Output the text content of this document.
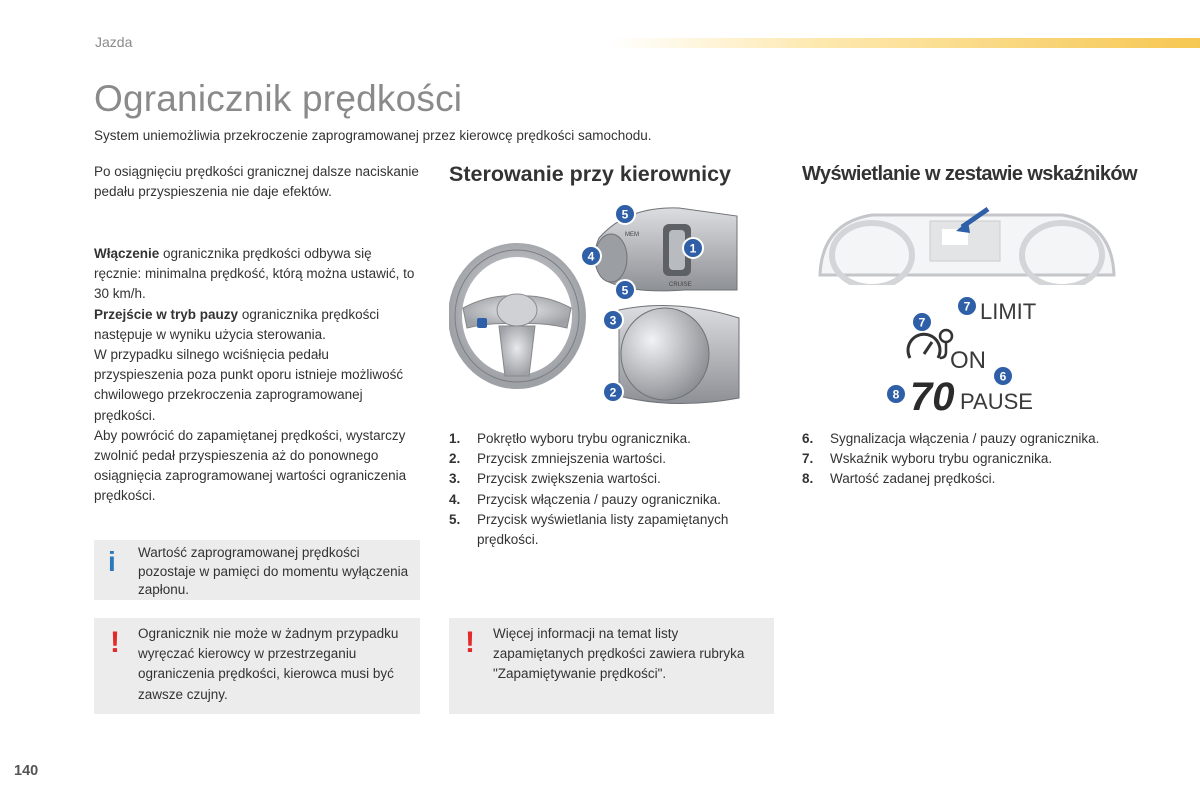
Jazda
Ogranicznik prędkości
System uniemożliwia przekroczenie zaprogramowanej przez kierowcę prędkości samochodu.
Po osiągnięciu prędkości granicznej dalsze naciskanie pedału przyspieszenia nie daje efektów.
Włączenie ogranicznika prędkości odbywa się ręcznie: minimalna prędkość, którą można ustawić, to 30 km/h.
Przejście w tryb pauzy ogranicznika prędkości następuje w wyniku użycia sterowania.
W przypadku silnego wciśnięcia pedału przyspieszenia poza punkt oporu istnieje możliwość chwilowego przekroczenia zaprogramowanej prędkości.
Aby powrócić do zapamiętanej prędkości, wystarczy zwolnić pedał przyspieszenia aż do ponownego osiągnięcia zaprogramowanej wartości ograniczenia prędkości.
i Wartość zaprogramowanej prędkości pozostaje w pamięci do momentu wyłączenia zapłonu.
! Ogranicznik nie może w żadnym przypadku wyręczać kierowcy w przestrzeganiu ograniczenia prędkości, kierowca musi być zawsze czujny.
Sterowanie przy kierownicy
MEM
CRUISE
5
4
1
5
3
2
1. Pokrętło wyboru trybu ogranicznika.
2. Przycisk zmniejszenia wartości.
3. Przycisk zwiększenia wartości.
4. Przycisk włączenia / pauzy ogranicznika.
5. Przycisk wyświetlania listy zapamiętanych prędkości.
! Więcej informacji na temat listy zapamiętanych prędkości zawiera rubryka "Zapamiętywanie prędkości".
Wyświetlanie w zestawie wskaźników
7 LIMIT
7
ON
6
8 70 PAUSE
6. Sygnalizacja włączenia / pauzy ogranicznika.
7. Wskaźnik wyboru trybu ogranicznika.
8. Wartość zadanej prędkości.
140
